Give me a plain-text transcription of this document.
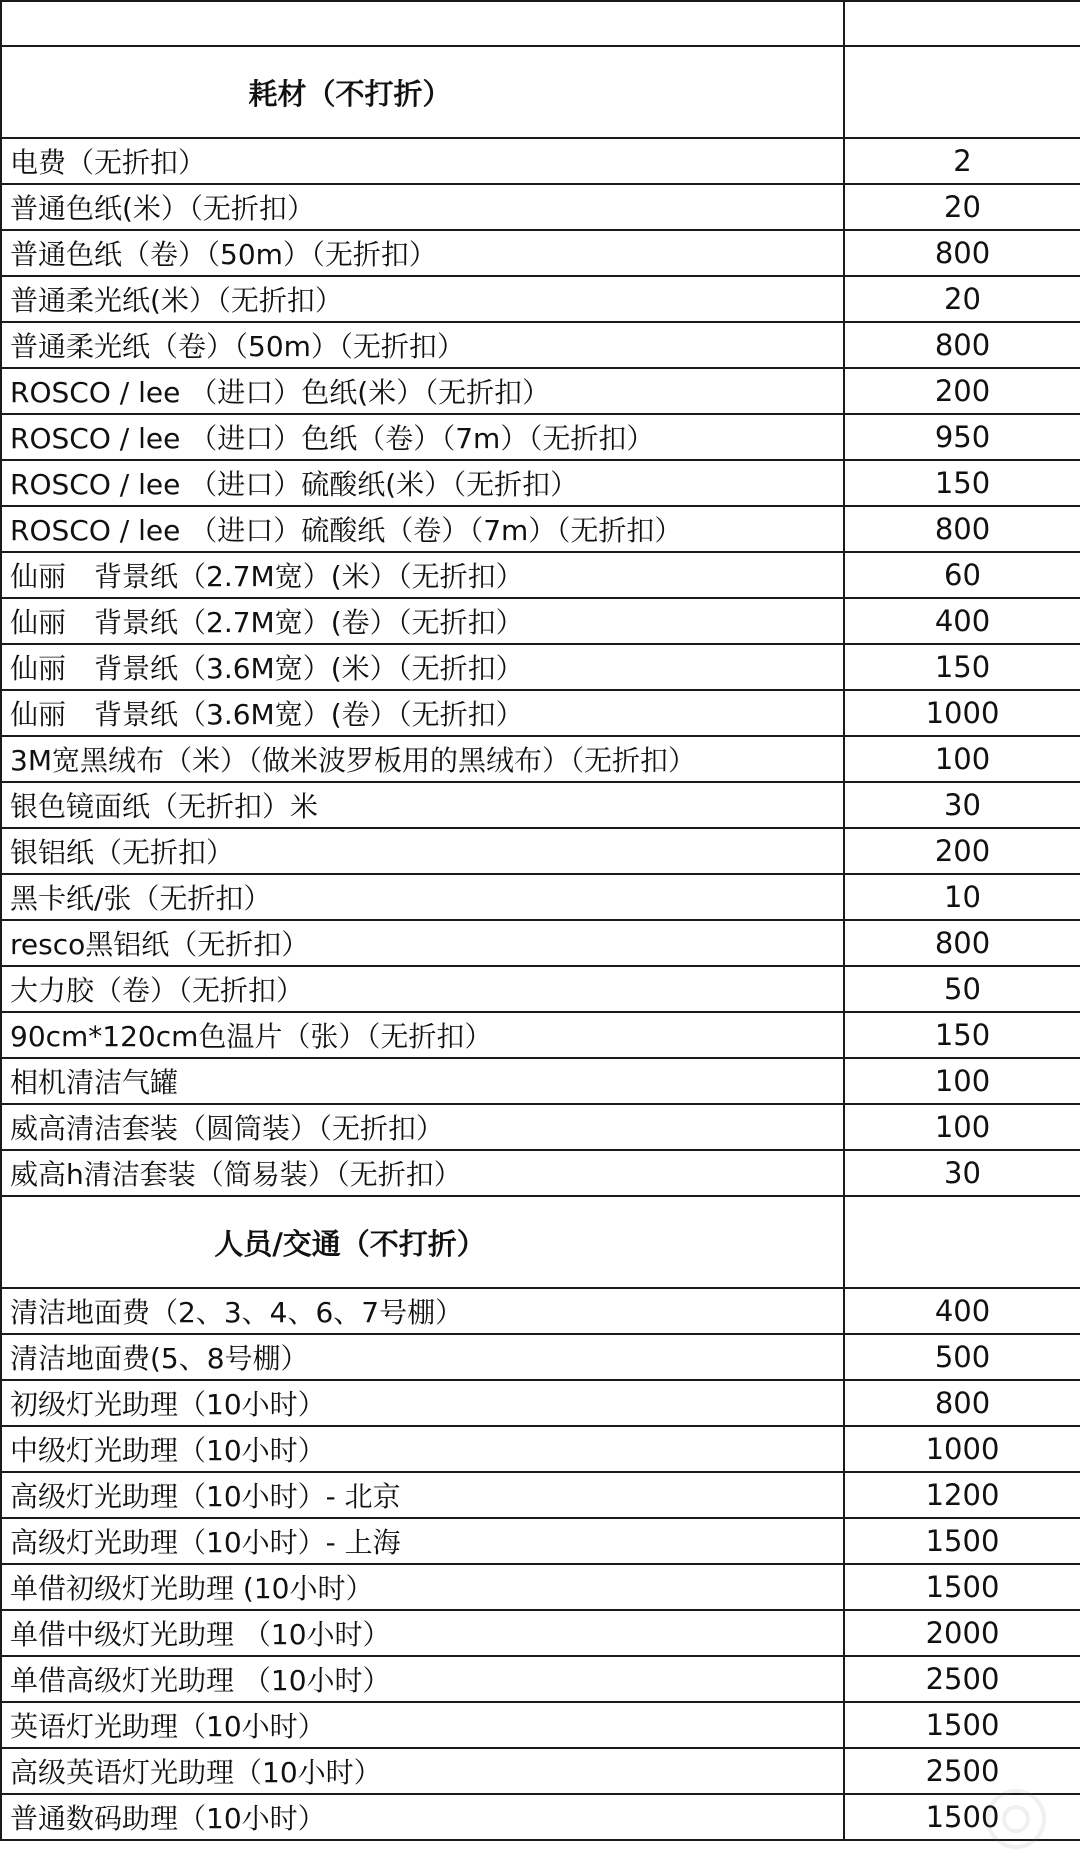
耗材（不打折）	
电费（无折扣）	2
普通色纸(米）（无折扣）	20
普通色纸（卷）（50m）（无折扣）	800
普通柔光纸(米）（无折扣）	20
普通柔光纸（卷）（50m）（无折扣）	800
ROSCO / lee （进口）色纸(米）（无折扣）	200
ROSCO / lee （进口）色纸（卷）（7m）（无折扣）	950
ROSCO / lee （进口）硫酸纸(米）（无折扣）	150
ROSCO / lee （进口）硫酸纸（卷）（7m）（无折扣）	800
仙丽　背景纸（2.7M宽）(米）（无折扣）	60
仙丽　背景纸（2.7M宽）(卷）（无折扣）	400
仙丽　背景纸（3.6M宽）(米）（无折扣）	150
仙丽　背景纸（3.6M宽）(卷）（无折扣）	1000
3M宽黑绒布（米）（做米波罗板用的黑绒布）（无折扣）	100
银色镜面纸（无折扣）米	30
银铝纸（无折扣）	200
黑卡纸/张（无折扣）	10
resco黑铝纸（无折扣）	800
大力胶（卷）（无折扣）	50
90cm*120cm色温片（张）（无折扣）	150
相机清洁气罐	100
威高清洁套装（圆筒装）（无折扣）	100
威高h清洁套装（简易装）（无折扣）	30
人员/交通（不打折）	
清洁地面费（2、3、4、6、7号棚）	400
清洁地面费(5、8号棚）	500
初级灯光助理（10小时）	800
中级灯光助理（10小时）	1000
高级灯光助理（10小时）- 北京	1200
高级灯光助理（10小时）- 上海	1500
单借初级灯光助理 (10小时）	1500
单借中级灯光助理 （10小时）	2000
单借高级灯光助理 （10小时）	2500
英语灯光助理（10小时）	1500
高级英语灯光助理（10小时）	2500
普通数码助理（10小时）	1500
